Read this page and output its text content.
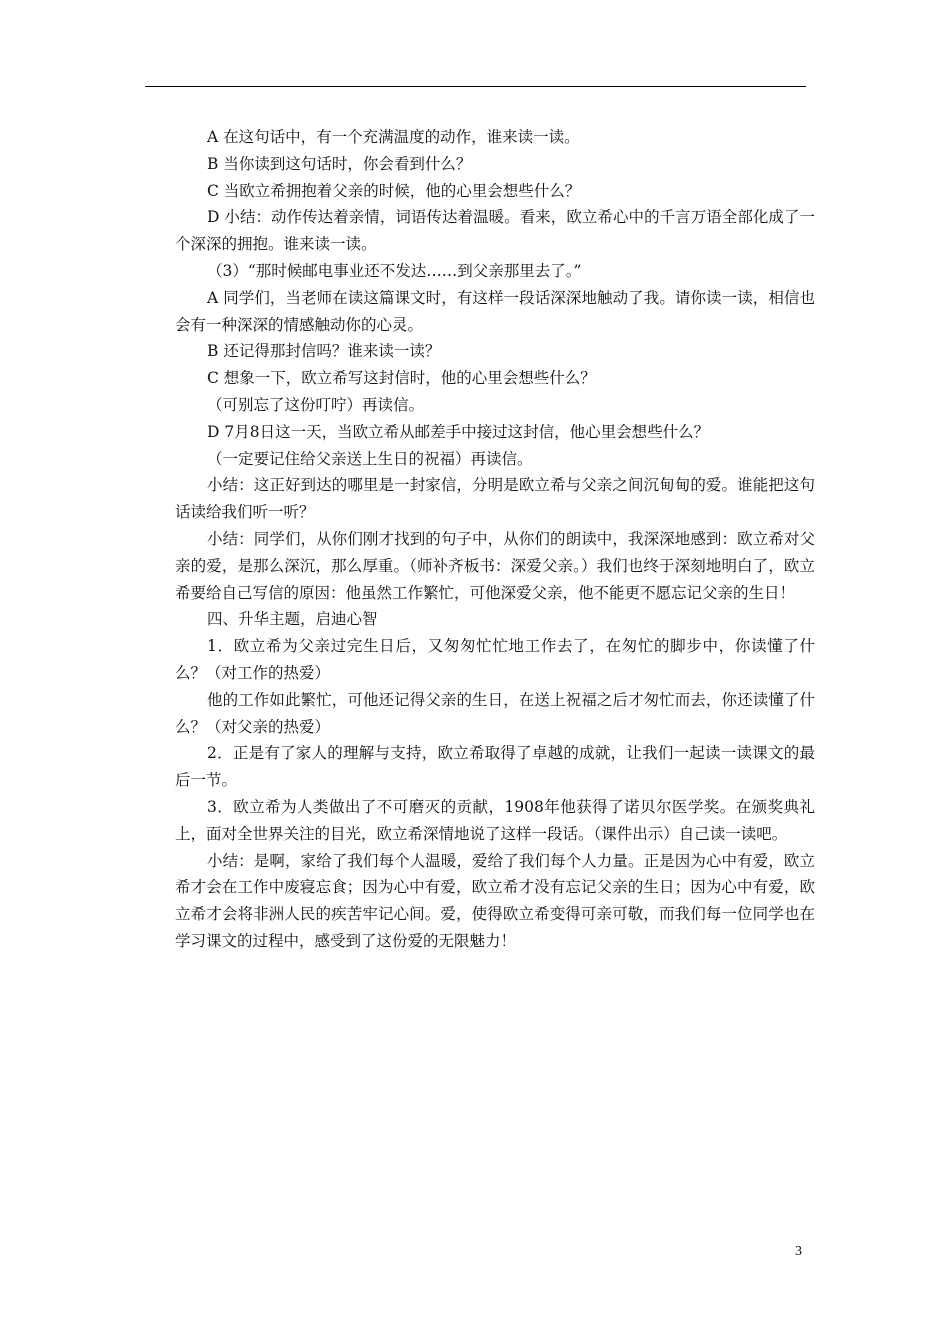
A 在这句话中，有一个充满温度的动作，谁来读一读。

B 当你读到这句话时，你会看到什么？

C 当欧立希拥抱着父亲的时候，他的心里会想些什么？

D 小结：动作传达着亲情，词语传达着温暖。看来，欧立希心中的千言万语全部化成了一个深深的拥抱。谁来读一读。

（3）“那时候邮电事业还不发达……到父亲那里去了。”

A 同学们，当老师在读这篇课文时，有这样一段话深深地触动了我。请你读一读，相信也会有一种深深的情感触动你的心灵。

B 还记得那封信吗？谁来读一读？

C 想象一下，欧立希写这封信时，他的心里会想些什么？

（可别忘了这份叮咛）再读信。

D 7月8日这一天，当欧立希从邮差手中接过这封信，他心里会想些什么？

（一定要记住给父亲送上生日的祝福）再读信。

小结：这正好到达的哪里是一封家信，分明是欧立希与父亲之间沉甸甸的爱。谁能把这句话读给我们听一听？

小结：同学们，从你们刚才找到的句子中，从你们的朗读中，我深深地感到：欧立希对父亲的爱，是那么深沉，那么厚重。（师补齐板书：深爱父亲。）我们也终于深刻地明白了，欧立希要给自己写信的原因：他虽然工作繁忙，可他深爱父亲，他不能更不愿忘记父亲的生日！

四、升华主题，启迪心智

1．欧立希为父亲过完生日后，又匆匆忙忙地工作去了，在匆忙的脚步中，你读懂了什么？（对工作的热爱）

他的工作如此繁忙，可他还记得父亲的生日，在送上祝福之后才匆忙而去，你还读懂了什么？（对父亲的热爱）

2．正是有了家人的理解与支持，欧立希取得了卓越的成就，让我们一起读一读课文的最后一节。

3．欧立希为人类做出了不可磨灭的贡献，1908年他获得了诺贝尔医学奖。在颁奖典礼上，面对全世界关注的目光，欧立希深情地说了这样一段话。（课件出示）自己读一读吧。

小结：是啊，家给了我们每个人温暖，爱给了我们每个人力量。正是因为心中有爱，欧立希才会在工作中废寝忘食；因为心中有爱，欧立希才没有忘记父亲的生日；因为心中有爱，欧立希才会将非洲人民的疾苦牢记心间。爱，使得欧立希变得可亲可敬，而我们每一位同学也在学习课文的过程中，感受到了这份爱的无限魅力！

3
